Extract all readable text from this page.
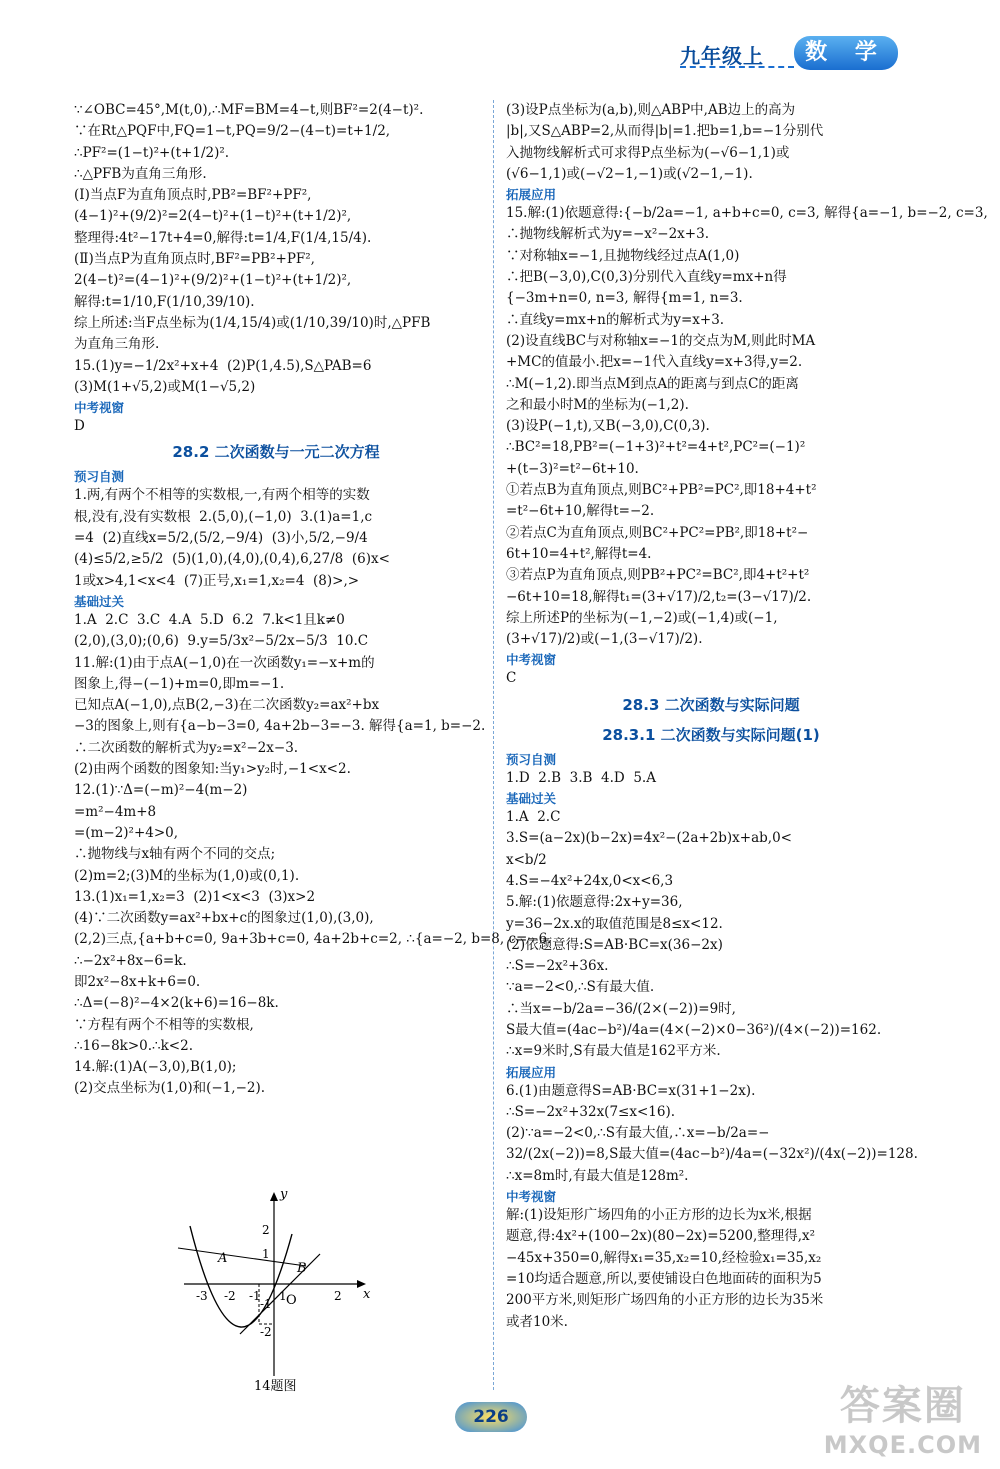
九年级上	数 学
∵∠OBC=45°,M(t,0),∴MF=BM=4−t,则BF²=2(4−t)².
∵在Rt△PQF中,FQ=1−t,PQ=9/2−(4−t)=t+1/2,
∴PF²=(1−t)²+(t+1/2)².
∴△PFB为直角三角形.
(Ⅰ)当点F为直角顶点时,PB²=BF²+PF²,
(4−1)²+(9/2)²=2(4−t)²+(1−t)²+(t+1/2)²,
整理得:4t²−17t+4=0,解得:t=1/4,F(1/4,15/4).
(Ⅱ)当点P为直角顶点时,BF²=PB²+PF²,
2(4−t)²=(4−1)²+(9/2)²+(1−t)²+(t+1/2)²,
解得:t=1/10,F(1/10,39/10).
综上所述:当F点坐标为(1/4,15/4)或(1/10,39/10)时,△PFB
为直角三角形.
15.(1)y=−1/2x²+x+4  (2)P(1,4.5),S△PAB=6
(3)M(1+√5,2)或M(1−√5,2)
中考视窗
D
28.2 二次函数与一元二次方程
预习自测
1.两,有两个不相等的实数根,一,有两个相等的实数
根,没有,没有实数根  2.(5,0),(−1,0)  3.(1)a=1,c
=4  (2)直线x=5/2,(5/2,−9/4)  (3)小,5/2,−9/4
(4)≤5/2,≥5/2  (5)(1,0),(4,0),(0,4),6,27/8  (6)x<
1或x>4,1<x<4  (7)正号,x₁=1,x₂=4  (8)>,>
基础过关
1.A  2.C  3.C  4.A  5.D  6.2  7.k<1且k≠0
(2,0),(3,0);(0,6)  9.y=5/3x²−5/2x−5/3  10.C
11.解:(1)由于点A(−1,0)在一次函数y₁=−x+m的
图象上,得−(−1)+m=0,即m=−1.
已知点A(−1,0),点B(2,−3)在二次函数y₂=ax²+bx
−3的图象上,则有{a−b−3=0, 4a+2b−3=−3. 解得{a=1, b=−2.
∴二次函数的解析式为y₂=x²−2x−3.
(2)由两个函数的图象知:当y₁>y₂时,−1<x<2.
12.(1)∵Δ=(−m)²−4(m−2)
=m²−4m+8
=(m−2)²+4>0,
∴抛物线与x轴有两个不同的交点;
(2)m=2;(3)M的坐标为(1,0)或(0,1).
13.(1)x₁=1,x₂=3  (2)1<x<3  (3)x>2
(4)∵二次函数y=ax²+bx+c的图象过(1,0),(3,0),
(2,2)三点,{a+b+c=0, 9a+3b+c=0, 4a+2b+c=2, ∴{a=−2, b=8, c=−6.
∴−2x²+8x−6=k.
即2x²−8x+k+6=0.
∴Δ=(−8)²−4×2(k+6)=16−8k.
∵方程有两个不相等的实数根,
∴16−8k>0.∴k<2.
14.解:(1)A(−3,0),B(1,0);
(2)交点坐标为(1,0)和(−1,−2).
(3)设P点坐标为(a,b),则△ABP中,AB边上的高为
|b|,又S△ABP=2,从而得|b|=1.把b=1,b=−1分别代
入抛物线解析式可求得P点坐标为(−√6−1,1)或
(√6−1,1)或(−√2−1,−1)或(√2−1,−1).
拓展应用
15.解:(1)依题意得:{−b/2a=−1, a+b+c=0, c=3, 解得{a=−1, b=−2, c=3,
∴抛物线解析式为y=−x²−2x+3.
∵对称轴x=−1,且抛物线经过点A(1,0)
∴把B(−3,0),C(0,3)分别代入直线y=mx+n得
{−3m+n=0, n=3, 解得{m=1, n=3.
∴直线y=mx+n的解析式为y=x+3.
(2)设直线BC与对称轴x=−1的交点为M,则此时MA
+MC的值最小.把x=−1代入直线y=x+3得,y=2.
∴M(−1,2).即当点M到点A的距离与到点C的距离
之和最小时M的坐标为(−1,2).
(3)设P(−1,t),又B(−3,0),C(0,3).
∴BC²=18,PB²=(−1+3)²+t²=4+t²,PC²=(−1)²
+(t−3)²=t²−6t+10.
①若点B为直角顶点,则BC²+PB²=PC²,即18+4+t²
=t²−6t+10,解得t=−2.
②若点C为直角顶点,则BC²+PC²=PB²,即18+t²−
6t+10=4+t²,解得t=4.
③若点P为直角顶点,则PB²+PC²=BC²,即4+t²+t²
−6t+10=18,解得t₁=(3+√17)/2,t₂=(3−√17)/2.
综上所述P的坐标为(−1,−2)或(−1,4)或(−1,
(3+√17)/2)或(−1,(3−√17)/2).
中考视窗
C
28.3 二次函数与实际问题
28.3.1 二次函数与实际问题(1)
预习自测
1.D  2.B  3.B  4.D  5.A
基础过关
1.A  2.C
3.S=(a−2x)(b−2x)=4x²−(2a+2b)x+ab,0<
x<b/2
4.S=−4x²+24x,0<x<6,3
5.解:(1)依题意得:2x+y=36,
y=36−2x.x的取值范围是8≤x<12.
(2)依题意得:S=AB·BC=x(36−2x)
∴S=−2x²+36x.
∵a=−2<0,∴S有最大值.
∴当x=−b/2a=−36/(2×(−2))=9时,
S最大值=(4ac−b²)/4a=(4×(−2)×0−36²)/(4×(−2))=162.
∴x=9米时,S有最大值是162平方米.
拓展应用
6.(1)由题意得S=AB·BC=x(31+1−2x).
∴S=−2x²+32x(7≤x<16).
(2)∵a=−2<0,∴S有最大值,∴x=−b/2a=−
32/(2x(−2))=8,S最大值=(4ac−b²)/4a=(−32x²)/(4x(−2))=128.
∴x=8m时,有最大值是128m².
中考视窗
解:(1)设矩形广场四角的小正方形的边长为x米,根据
题意,得:4x²+(100−2x)(80−2x)=5200,整理得,x²
−45x+350=0,解得x₁=35,x₂=10,经检验x₁=35,x₂
=10均适合题意,所以,要使铺设白色地面砖的面积为5
200平方米,则矩形广场四角的小正方形的边长为35米
或者10米.
A
B
O	x
y
-3 -2 -1 1	2
2
1
-1
-2
14题图
226	答案圈
MXQE.COM
